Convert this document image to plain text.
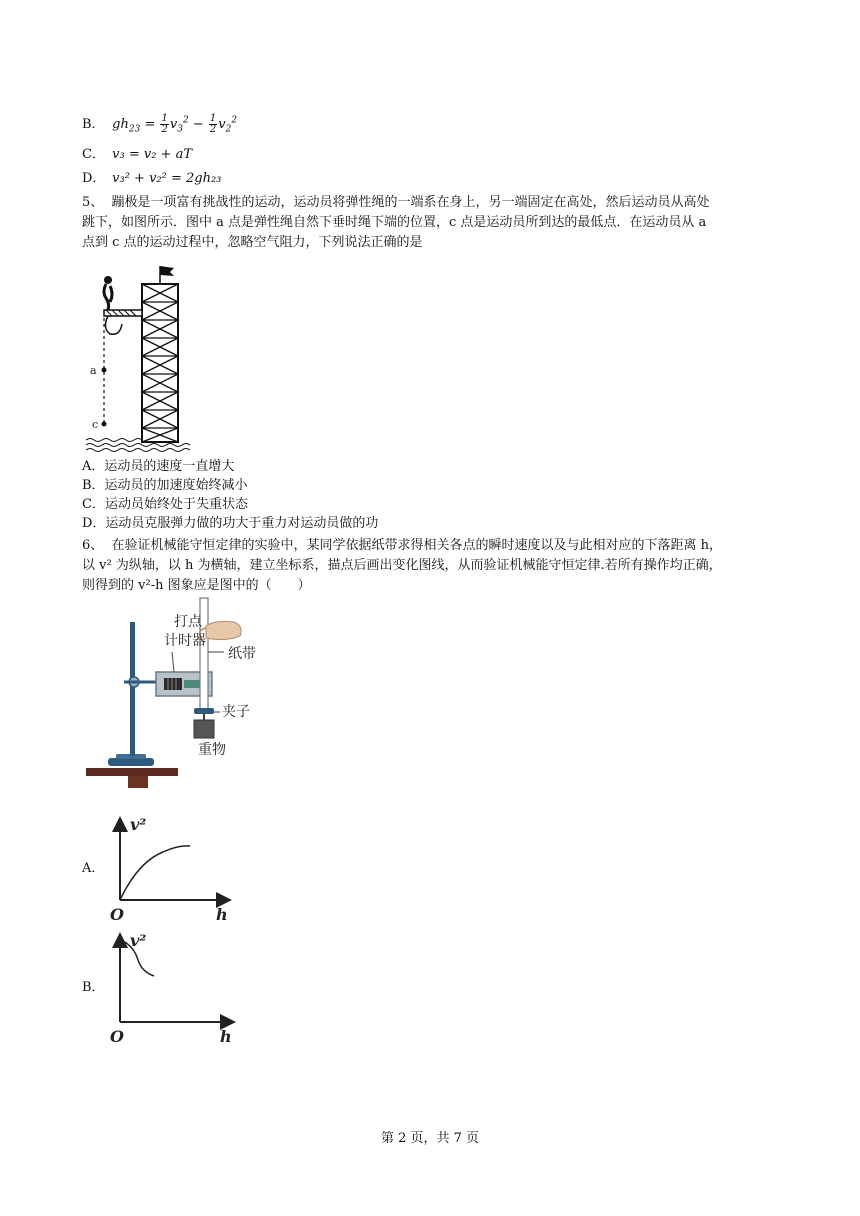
B． $gh_{23} = \frac{1}{2} v_3^2 - \frac{1}{2} v_2^2$
C． v₃ = v₂ + aT
D． v₃² + v₂² = 2gh₂₃
5、 蹦极是一项富有挑战性的运动，运动员将弹性绳的一端系在身上，另一端固定在高处，然后运动员从高处
跳下，如图所示．图中 a 点是弹性绳自然下垂时绳下端的位置，c 点是运动员所到达的最低点．在运动员从 a
点到 c 点的运动过程中，忽略空气阻力，下列说法正确的是
a
c
A．运动员的速度一直增大
B．运动员的加速度始终减小
C．运动员始终处于失重状态
D．运动员克服弹力做的功大于重力对运动员做的功
6、 在验证机械能守恒定律的实验中，某同学依据纸带求得相关各点的瞬时速度以及与此相对应的下落距离 h，
以 v² 为纵轴，以 h 为横轴，建立坐标系，描点后画出变化图线，从而验证机械能守恒定律.若所有操作均正确，
则得到的 v²-h 图象应是图中的（　　）
打点
计时器
纸带
夹子
重物
A．
v²
h
O
B．
v²
h
O
第 2 页，共 7 页
